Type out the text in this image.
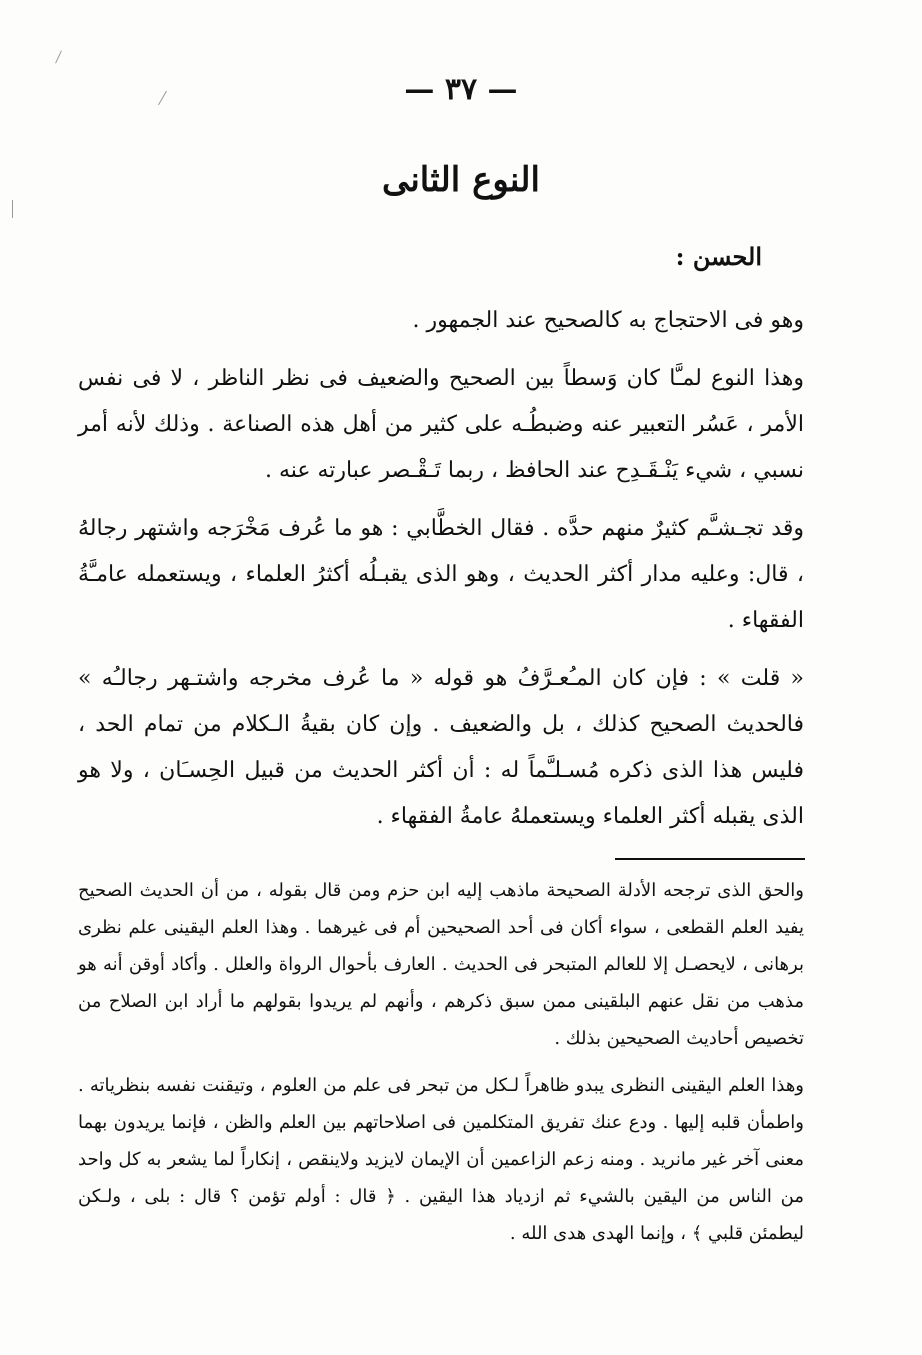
— ٣٧ —
النوع الثانى
الحسن :

وهو فى الاحتجاج به كالصحيح عند الجمهور .

وهذا النوع لمـَّا كان وَسطاً بين الصحيح والضعيف فى نظر الناظر ، لا فى نفس الأمر ، عَسُر التعبير عنه وضبطُـه على كثير من أهل هذه الصناعة . وذلك لأنه أمر نسبي ، شيء يَنْـقَـدِح عند الحافظ ، ربما تَـقْـصر عبارته عنه .

وقد تجـشـَّم كثيرٌ منهم حدَّه . فقال الخطَّابي : هو ما عُرف مَخْرَجه واشتهر رجالهُ ، قال: وعليه مدار أكثر الحديث ، وهو الذى يقبـلُه أكثرُ العلماء ، ويستعمله عامـَّةُ الفقهاء .

« قلت » : فإن كان المـُعـرَّفُ هو قوله « ما عُرف مخرجه واشتـهر رجالـُه » فالحديث الصحيح كذلك ، بل والضعيف . وإن كان بقيةُ الـكلام من تمام الحد ، فليس هذا الذى ذكره مُسـلـَّماً له : أن أكثر الحديث من قبيل الحِسـَان ، ولا هو الذى يقبله أكثر العلماء ويستعملهُ عامةُ الفقهاء .

والحق الذى ترجحه الأدلة الصحيحة ماذهب إليه ابن حزم ومن قال بقوله ، من أن الحديث الصحيح يفيد العلم القطعى ، سواء أكان فى أحد الصحيحين أم فى غيرهما . وهذا العلم اليقينى علم نظرى برهانى ، لايحصـل إلا للعالم المتبحر فى الحديث . العارف بأحوال الرواة والعلل . وأكاد أوقن أنه هو مذهب من نقل عنهم البلقينى ممن سبق ذكرهم ، وأنهم لم يريدوا بقولهم ما أراد ابن الصلاح من تخصيص أحاديث الصحيحين بذلك .

وهذا العلم اليقينى النظرى يبدو ظاهراً لـكل من تبحر فى علم من العلوم ، وتيقنت نفسه بنظرياته . واطمأن قلبه إليها . ودع عنك تفريق المتكلمين فى اصلاحاتهم بين العلم والظن ، فإنما يريدون بهما معنى آخر غير مانريد . ومنه زعم الزاعمين أن الإيمان لايزيد ولاينقص ، إنكاراً لما يشعر به كل واحد من الناس من اليقين بالشيء ثم ازدياد هذا اليقين . ﴿ قال : أولم تؤمن ؟ قال : بلى ، ولـكن ليطمئن قلبي ﴾ ، وإنما الهدى هدى الله .
